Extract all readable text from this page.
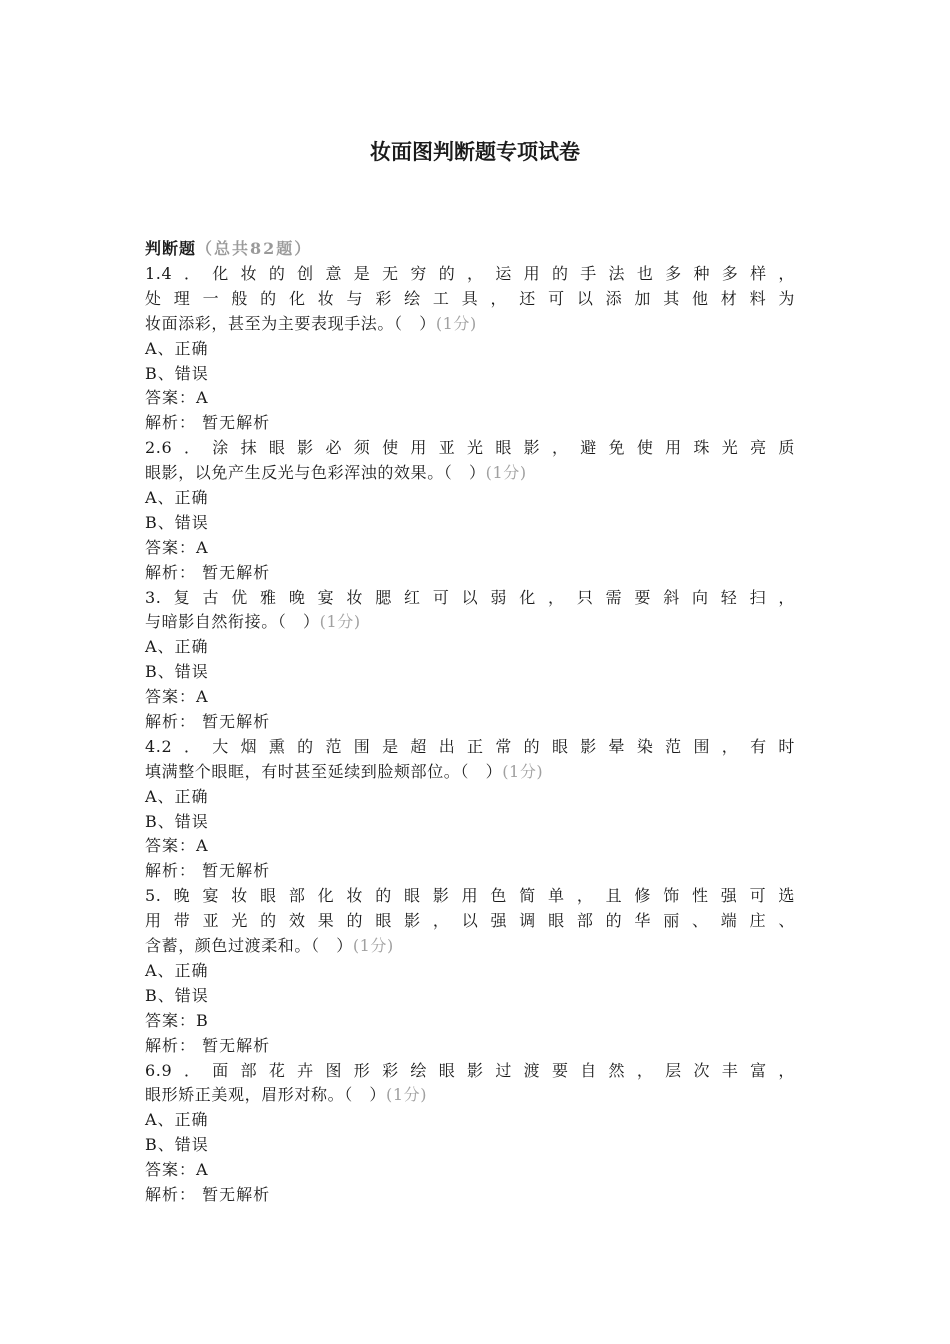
妆面图判断题专项试卷
判断题（总共82题）
1.4．化妆的创意是无穷的，运用的手法也多种多样，
处理一般的化妆与彩绘工具，还可以添加其他材料为
妆面添彩，甚至为主要表现手法。（　）(1分)
A、正确
B、错误
答案：A
解析： 暂无解析
2.6．涂抹眼影必须使用亚光眼影，避免使用珠光亮质
眼影，以免产生反光与色彩浑浊的效果。（　）(1分)
A、正确
B、错误
答案：A
解析： 暂无解析
3.复古优雅晚宴妆腮红可以弱化，只需要斜向轻扫，
与暗影自然衔接。（　）(1分)
A、正确
B、错误
答案：A
解析： 暂无解析
4.2．大烟熏的范围是超出正常的眼影晕染范围，有时
填满整个眼眶，有时甚至延续到脸颊部位。（　）(1分)
A、正确
B、错误
答案：A
解析： 暂无解析
5.晚宴妆眼部化妆的眼影用色简单，且修饰性强可选
用带亚光的效果的眼影，以强调眼部的华丽、端庄、
含蓄，颜色过渡柔和。（　）(1分)
A、正确
B、错误
答案：B
解析： 暂无解析
6.9．面部花卉图形彩绘眼影过渡要自然，层次丰富，
眼形矫正美观，眉形对称。（　）(1分)
A、正确
B、错误
答案：A
解析： 暂无解析
